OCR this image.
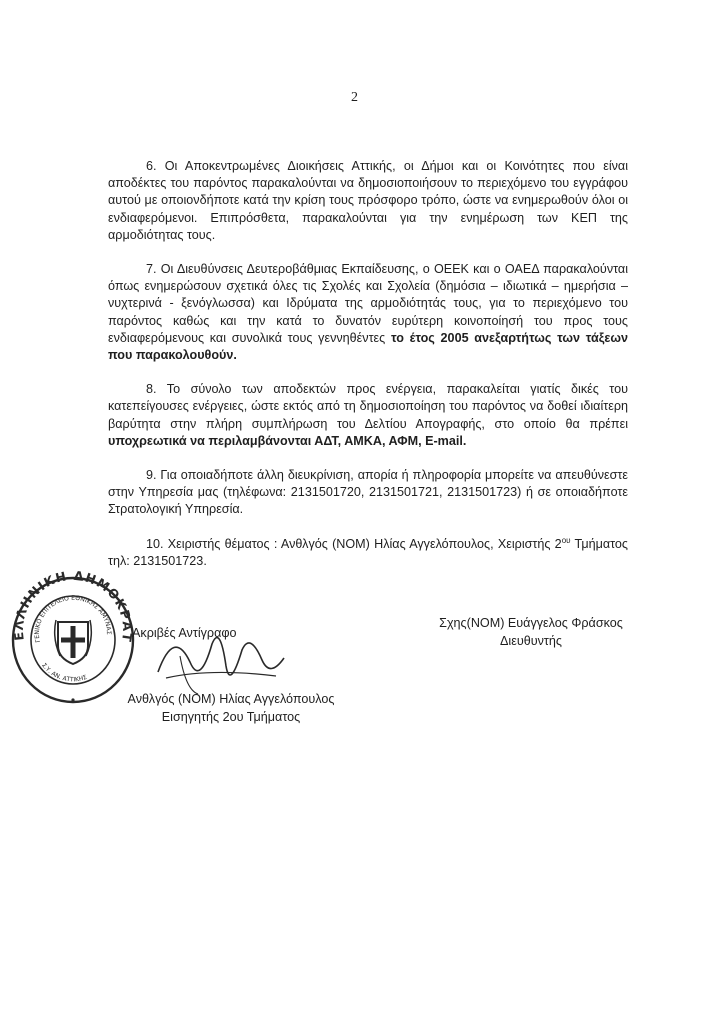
2

6. Οι Αποκεντρωμένες Διοικήσεις Αττικής, οι Δήμοι και οι Κοινότητες που είναι αποδέκτες του παρόντος παρακαλούνται να δημοσιοποιήσουν το περιεχόμενο του εγγράφου αυτού με οποιονδήποτε κατά την κρίση τους πρόσφορο τρόπο, ώστε να ενημερωθούν όλοι οι ενδιαφερόμενοι. Επιπρόσθετα, παρακαλούνται για την ενημέρωση των ΚΕΠ της αρμοδιότητας τους.

7. Οι Διευθύνσεις Δευτεροβάθμιας Εκπαίδευσης, ο ΟΕΕΚ και ο ΟΑΕΔ παρακαλούνται όπως ενημερώσουν σχετικά όλες τις Σχολές και Σχολεία (δημόσια – ιδιωτικά – ημερήσια – νυχτερινά - ξενόγλωσσα) και Ιδρύματα της αρμοδιότητάς τους, για το περιεχόμενο του παρόντος καθώς και την κατά το δυνατόν ευρύτερη κοινοποίησή του προς τους ενδιαφερόμενους και συνολικά τους γεννηθέντες το έτος 2005 ανεξαρτήτως των τάξεων που παρακολουθούν.

8. Το σύνολο των αποδεκτών προς ενέργεια, παρακαλείται γιατίς δικές του κατεπείγουσες ενέργειες, ώστε εκτός από τη δημοσιοποίηση του παρόντος να δοθεί ιδιαίτερη βαρύτητα στην πλήρη συμπλήρωση του Δελτίου Απογραφής, στο οποίο θα πρέπει υποχρεωτικά να περιλαμβάνονται ΑΔΤ, ΑΜΚΑ, ΑΦΜ, E-mail.

9. Για οποιαδήποτε άλλη διευκρίνιση, απορία ή πληροφορία μπορείτε να απευθύνεστε στην Υπηρεσία μας (τηλέφωνα: 2131501720, 2131501721, 2131501723) ή σε οποιαδήποτε Στρατολογική Υπηρεσία.

10. Χειριστής θέματος : Ανθλγός (ΝΟΜ) Ηλίας Αγγελόπουλος, Χειριστής $2^{o\upsilon}$ Τμήματος τηλ: 2131501723.

Σχης(ΝΟΜ) Ευάγγελος Φράσκος
Διευθυντής
ΕΛΛΗΝΙΚΗ ΔΗΜΟΚΡΑΤ
ΓΕΝΙΚΟ ΕΠΙΤΕΛΕΙΟ ΕΘΝΙΚΗΣ ΑΜΥΝΑΣ
Σ.Υ. ΑΝ. ΑΤΤΙΚΗΣ
Ακριβές Αντίγραφο
Ανθλγός (ΝΟΜ) Ηλίας Αγγελόπουλος
Εισηγητής 2ου Τμήματος
